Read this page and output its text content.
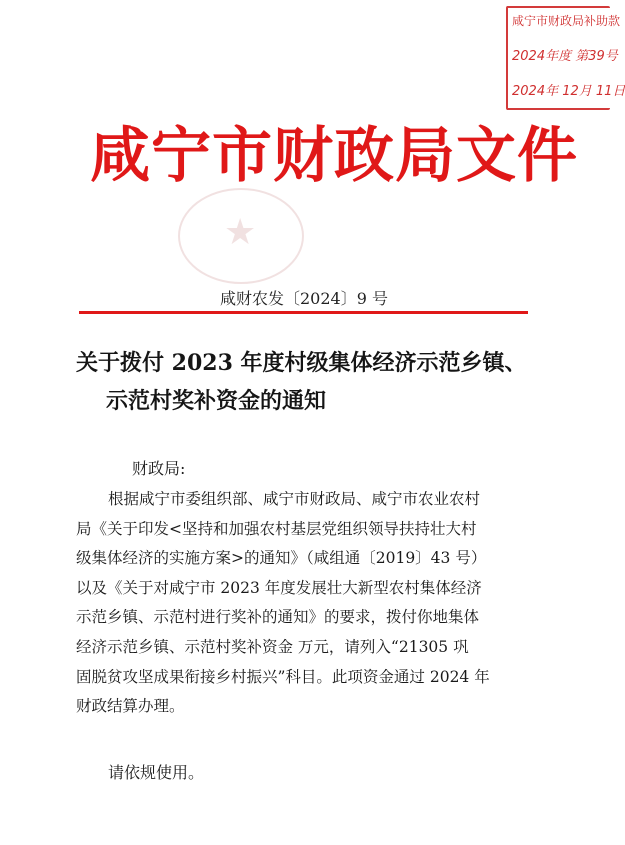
咸宁市财政局补助款
2024年度 第39号
2024年 12月 11日
咸宁市财政局文件
★
咸财农发〔2024〕9 号
关于拨付 2023 年度村级集体经济示范乡镇、
示范村奖补资金的通知
财政局:
根据咸宁市委组织部、咸宁市财政局、咸宁市农业农村
局《关于印发<坚持和加强农村基层党组织领导扶持壮大村
级集体经济的实施方案>的通知》（咸组通〔2019〕43 号）
以及《关于对咸宁市 2023 年度发展壮大新型农村集体经济
示范乡镇、示范村进行奖补的通知》的要求，拨付你地集体
经济示范乡镇、示范村奖补资金 万元，请列入“21305 巩
固脱贫攻坚成果衔接乡村振兴”科目。此项资金通过 2024 年
财政结算办理。
请依规使用。
